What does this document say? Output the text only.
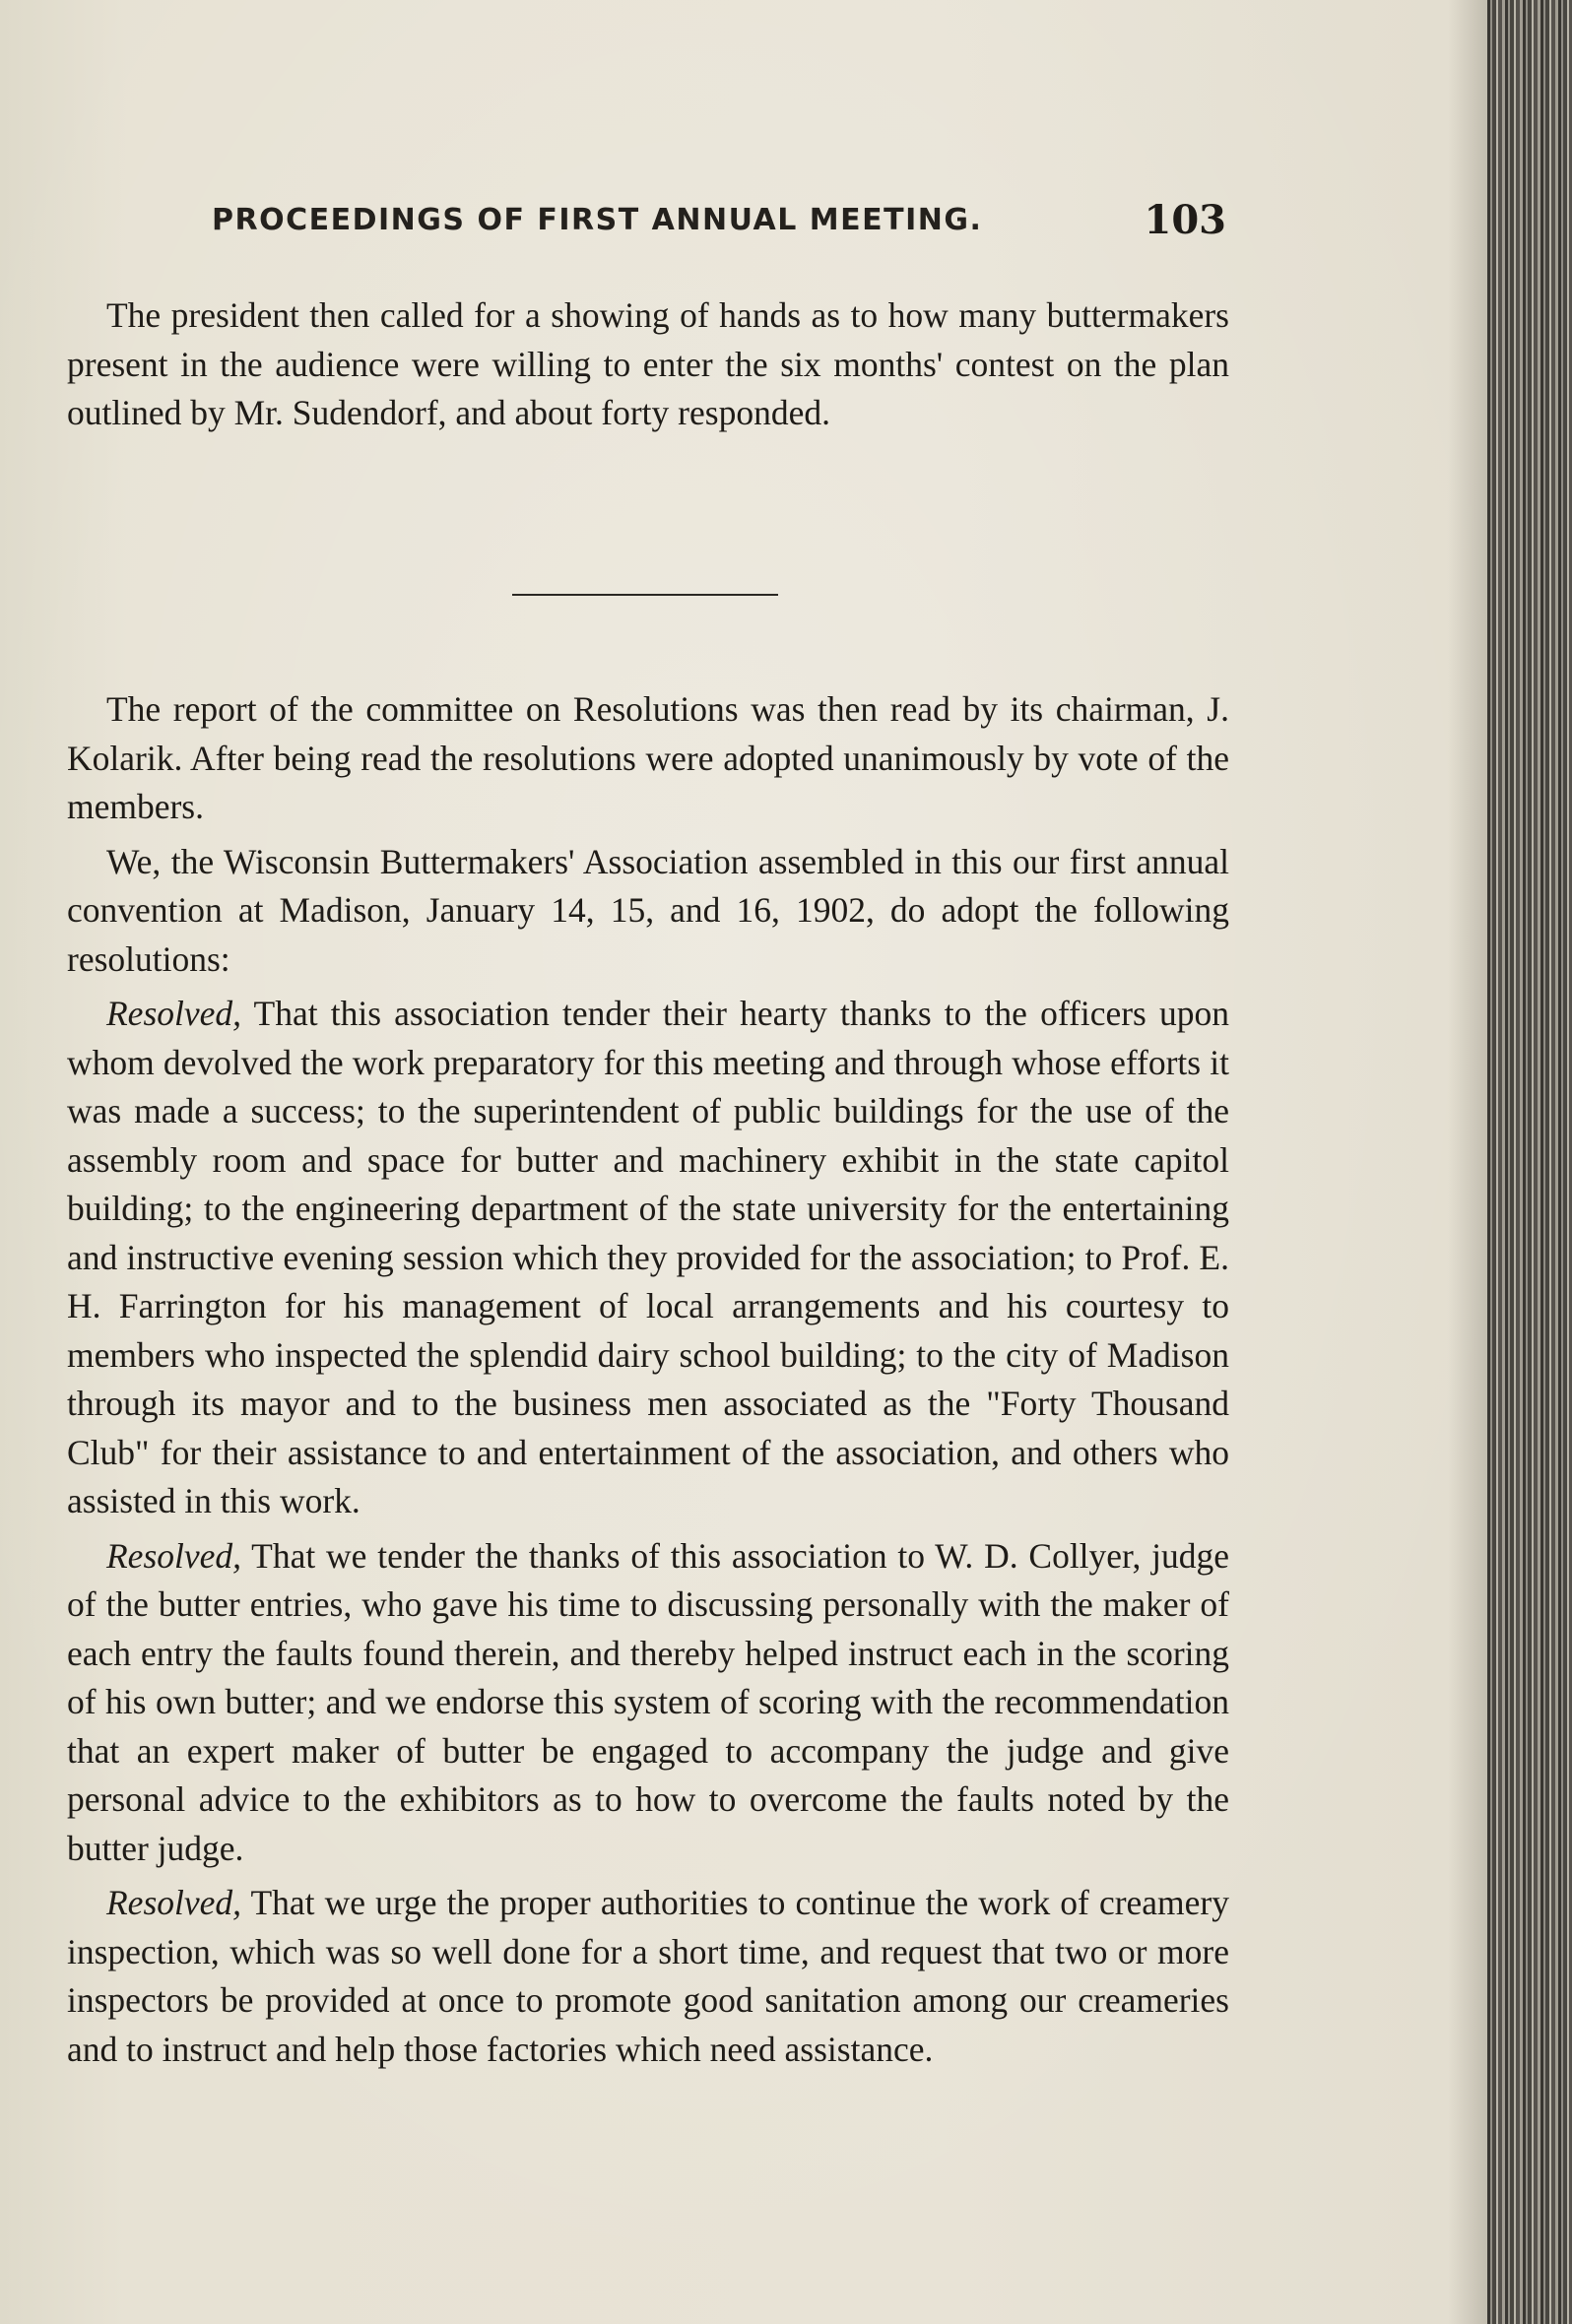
PROCEEDINGS OF FIRST ANNUAL MEETING.	103

The president then called for a showing of hands as to how many buttermakers present in the audience were willing to enter the six months' contest on the plan outlined by Mr. Sudendorf, and about forty responded.

The report of the committee on Resolutions was then read by its chairman, J. Kolarik. After being read the resolutions were adopted unanimously by vote of the members.

We, the Wisconsin Buttermakers' Association assembled in this our first annual convention at Madison, January 14, 15, and 16, 1902, do adopt the following resolutions:

Resolved, That this association tender their hearty thanks to the officers upon whom devolved the work preparatory for this meeting and through whose efforts it was made a success; to the superintendent of public buildings for the use of the assembly room and space for butter and machinery exhibit in the state capitol building; to the engineering department of the state university for the entertaining and instructive evening session which they provided for the association; to Prof. E. H. Farrington for his management of local arrangements and his courtesy to members who inspected the splendid dairy school building; to the city of Madison through its mayor and to the business men associated as the "Forty Thousand Club" for their assistance to and entertainment of the association, and others who assisted in this work.

Resolved, That we tender the thanks of this association to W. D. Collyer, judge of the butter entries, who gave his time to discussing personally with the maker of each entry the faults found therein, and thereby helped instruct each in the scoring of his own butter; and we endorse this system of scoring with the recommendation that an expert maker of butter be engaged to accompany the judge and give personal advice to the exhibitors as to how to overcome the faults noted by the butter judge.

Resolved, That we urge the proper authorities to continue the work of creamery inspection, which was so well done for a short time, and request that two or more inspectors be provided at once to promote good sanitation among our creameries and to instruct and help those factories which need assistance.
